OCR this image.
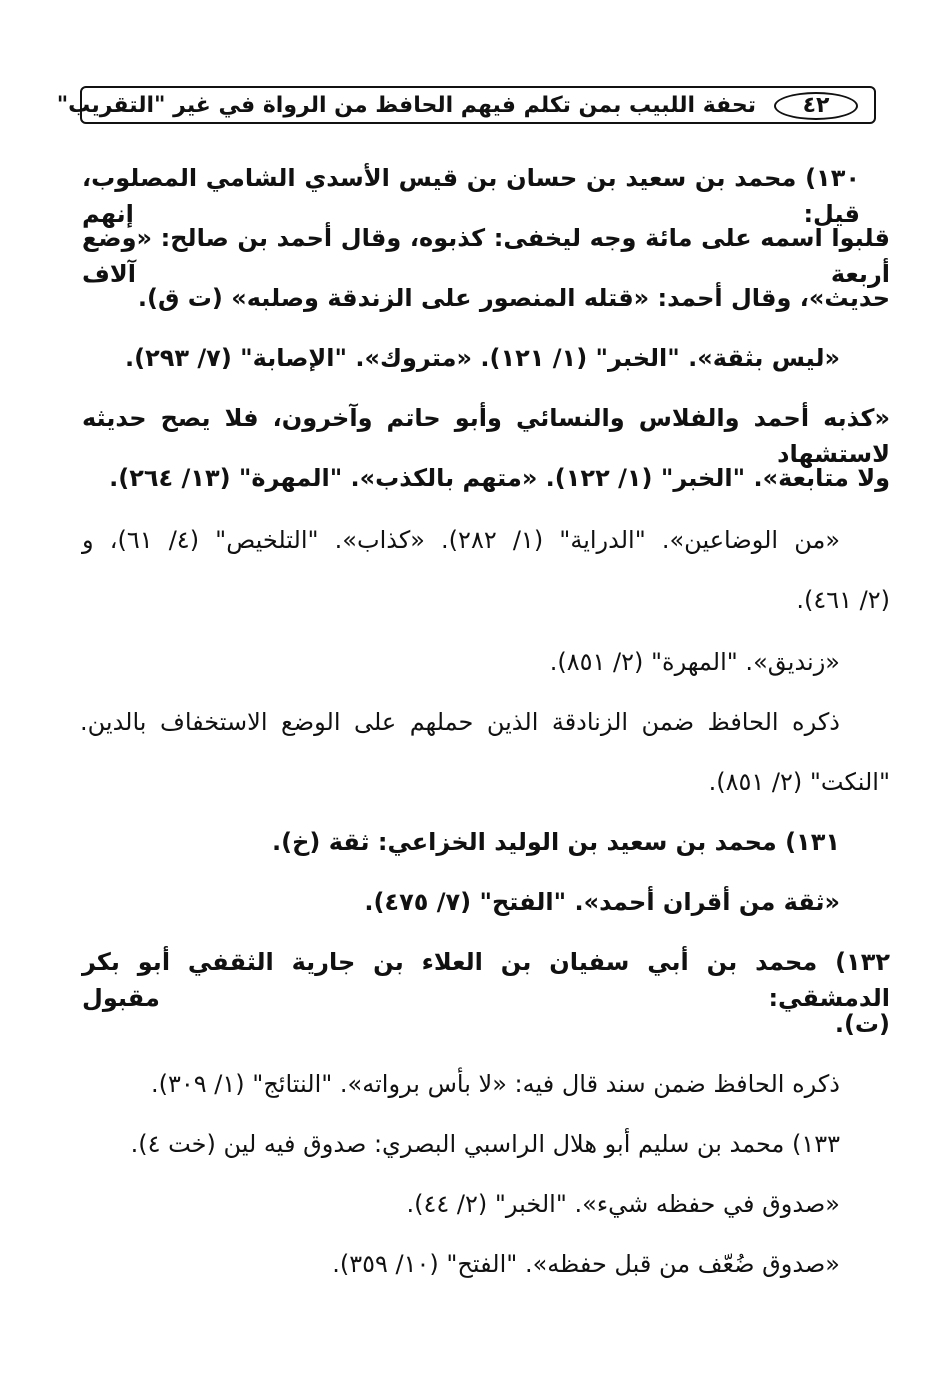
٤٢
تحفة اللبيب بمن تكلم فيهم الحافظ من الرواة في غير "التقريب"
١٣٠) محمد بن سعيد بن حسان بن قيس الأسدي الشامي المصلوب، قيل: إنهم
قلبوا اسمه على مائة وجه ليخفى: كذبوه، وقال أحمد بن صالح: «وضع أربعة آلاف
حديث»، وقال أحمد: «قتله المنصور على الزندقة وصلبه» (ت ق).
«ليس بثقة». "الخبر" (١/ ١٢١). «متروك». "الإصابة" (٧/ ٢٩٣).
«كذبه أحمد والفلاس والنسائي وأبو حاتم وآخرون، فلا يصح حديثه لاستشهاد
ولا متابعة». "الخبر" (١/ ١٢٢). «متهم بالكذب». "المهرة" (١٣/ ٢٦٤).
«من الوضاعين». "الدراية" (١/ ٢٨٢). «كذاب». "التلخيص" (٤/ ٦١)، و
(٢/ ٤٦١).
«زنديق». "المهرة" (٢/ ٨٥١).
ذكره الحافظ ضمن الزنادقة الذين حملهم على الوضع الاستخفاف بالدين.
"النكت" (٢/ ٨٥١).
١٣١) محمد بن سعيد بن الوليد الخزاعي: ثقة (خ).
«ثقة من أقران أحمد». "الفتح" (٧/ ٤٧٥).
١٣٢) محمد بن أبي سفيان بن العلاء بن جارية الثقفي أبو بكر الدمشقي: مقبول
(ت).
ذكره الحافظ ضمن سند قال فيه: «لا بأس برواته». "النتائج" (١/ ٣٠٩).
١٣٣) محمد بن سليم أبو هلال الراسبي البصري: صدوق فيه لين (خت ٤).
«صدوق في حفظه شيء». "الخبر" (٢/ ٤٤).
«صدوق ضُعّف من قبل حفظه». "الفتح" (١٠/ ٣٥٩).
